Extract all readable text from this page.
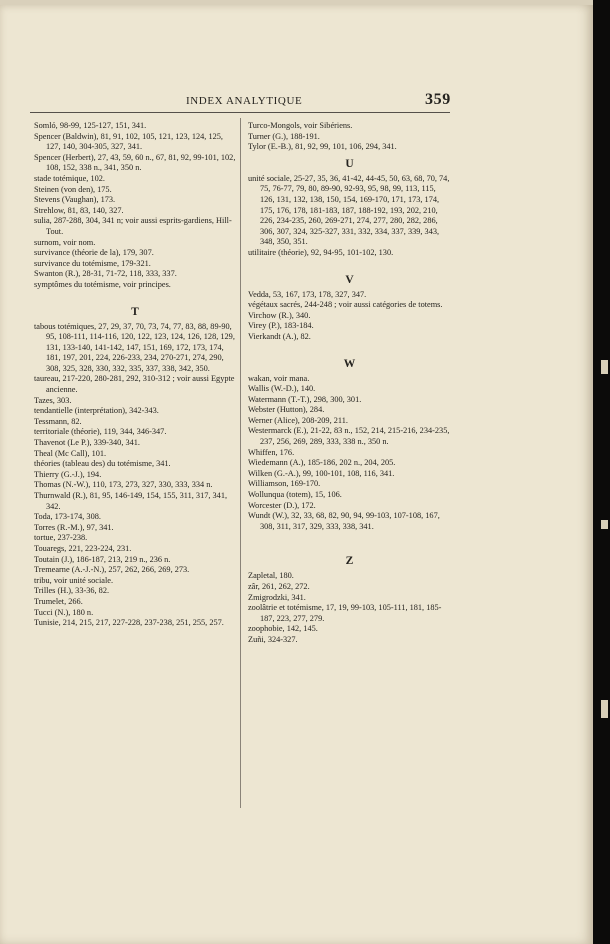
INDEX ANALYTIQUE	359

Somló, 98-99, 125-127, 151, 341.

Spencer (Baldwin), 81, 91, 102, 105, 121, 123, 124, 125, 127, 140, 304-305, 327, 341.

Spencer (Herbert), 27, 43, 59, 60 n., 67, 81, 92, 99-101, 102, 108, 152, 338 n., 341, 350 n.

stade totémique, 102.

Steinen (von den), 175.

Stevens (Vaughan), 173.

Strehlow, 81, 83, 140, 327.

sulia, 287-288, 304, 341 n; voir aussi esprits-gardiens, Hill-Tout.

surnom, voir nom.

survivance (théorie de la), 179, 307.

survivance du totémisme, 179-321.

Swanton (R.), 28-31, 71-72, 118, 333, 337.

symptômes du totémisme, voir principes.

T

tabous totémiques, 27, 29, 37, 70, 73, 74, 77, 83, 88, 89-90, 95, 108-111, 114-116, 120, 122, 123, 124, 126, 128, 129, 131, 133-140, 141-142, 147, 151, 169, 172, 173, 174, 181, 197, 201, 224, 226-233, 234, 270-271, 274, 290, 308, 325, 328, 330, 332, 335, 337, 338, 342, 350.

taureau, 217-220, 280-281, 292, 310-312 ; voir aussi Egypte ancienne.

Tazes, 303.

tendantielle (interprétation), 342-343.

Tessmann, 82.

territoriale (théorie), 119, 344, 346-347.

Thavenot (Le P.), 339-340, 341.

Theal (Mc Call), 101.

théories (tableau des) du totémisme, 341.

Thierry (G.-J.), 194.

Thomas (N.-W.), 110, 173, 273, 327, 330, 333, 334 n.

Thurnwald (R.), 81, 95, 146-149, 154, 155, 311, 317, 341, 342.

Toda, 173-174, 308.

Torres (R.-M.), 97, 341.

tortue, 237-238.

Touaregs, 221, 223-224, 231.

Toutain (J.), 186-187, 213, 219 n., 236 n.

Tremearne (A.-J.-N.), 257, 262, 266, 269, 273.

tribu, voir unité sociale.

Trilles (H.), 33-36, 82.

Trumelet, 266.

Tucci (N.), 180 n.

Tunisie, 214, 215, 217, 227-228, 237-238, 251, 255, 257.

Turco-Mongols, voir Sibériens.

Turner (G.), 188-191.

Tylor (E.-B.), 81, 92, 99, 101, 106, 294, 341.

U

unité sociale, 25-27, 35, 36, 41-42, 44-45, 50, 63, 68, 70, 74, 75, 76-77, 79, 80, 89-90, 92-93, 95, 98, 99, 113, 115, 126, 131, 132, 138, 150, 154, 169-170, 171, 173, 174, 175, 176, 178, 181-183, 187, 188-192, 193, 202, 210, 226, 234-235, 260, 269-271, 274, 277, 280, 282, 286, 306, 307, 324, 325-327, 331, 332, 334, 337, 339, 343, 348, 350, 351.

utilitaire (théorie), 92, 94-95, 101-102, 130.

V

Vedda, 53, 167, 173, 178, 327, 347.

végétaux sacrés, 244-248 ; voir aussi catégories de totems.

Virchow (R.), 340.

Virey (P.), 183-184.

Vierkandt (A.), 82.

W

wakan, voir mana.

Wallis (W.-D.), 140.

Watermann (T.-T.), 298, 300, 301.

Webster (Hutton), 284.

Werner (Alice), 208-209, 211.

Westermarck (E.), 21-22, 83 n., 152, 214, 215-216, 234-235, 237, 256, 269, 289, 333, 338 n., 350 n.

Whiffen, 176.

Wiedemann (A.), 185-186, 202 n., 204, 205.

Wilken (G.-A.), 99, 100-101, 108, 116, 341.

Williamson, 169-170.

Wollunqua (totem), 15, 106.

Worcester (D.), 172.

Wundt (W.), 32, 33, 68, 82, 90, 94, 99-103, 107-108, 167, 308, 311, 317, 329, 333, 338, 341.

Z

Zapletal, 180.

zâr, 261, 262, 272.

Zmigrodzki, 341.

zoolâtrie et totémisme, 17, 19, 99-103, 105-111, 181, 185-187, 223, 277, 279.

zoophobie, 142, 145.

Zuñi, 324-327.
